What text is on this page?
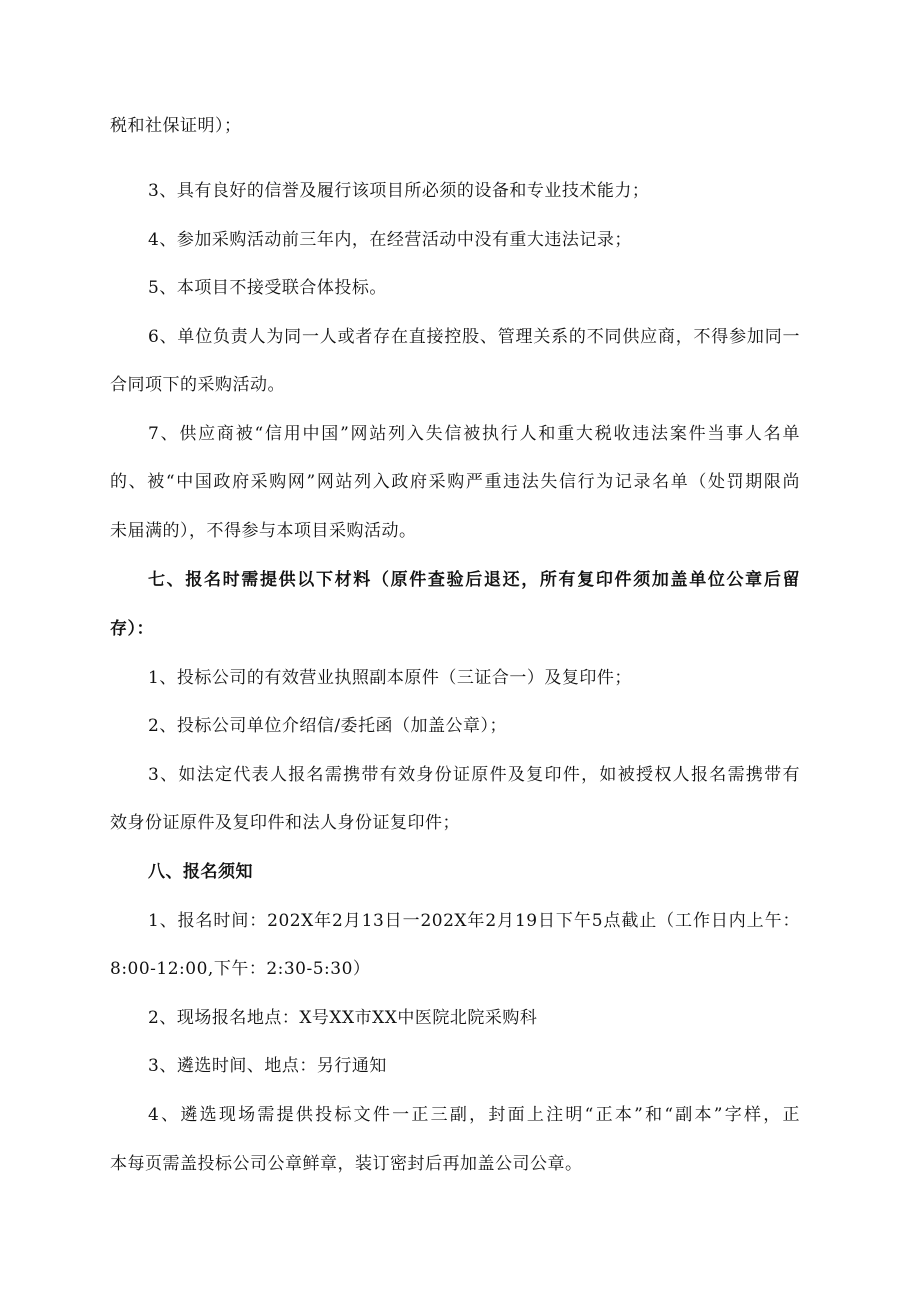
税和社保证明）；
3、具有良好的信誉及履行该项目所必须的设备和专业技术能力；
4、参加采购活动前三年内，在经营活动中没有重大违法记录；
5、本项目不接受联合体投标。
6、单位负责人为同一人或者存在直接控股、管理关系的不同供应商，不得参加同一
合同项下的采购活动。
7、供应商被“信用中国”网站列入失信被执行人和重大税收违法案件当事人名单
的、被“中国政府采购网”网站列入政府采购严重违法失信行为记录名单（处罚期限尚
未届满的），不得参与本项目采购活动。
七、报名时需提供以下材料（原件查验后退还，所有复印件须加盖单位公章后留
存）：
1、投标公司的有效营业执照副本原件（三证合一）及复印件；
2、投标公司单位介绍信/委托函（加盖公章）；
3、如法定代表人报名需携带有效身份证原件及复印件，如被授权人报名需携带有
效身份证原件及复印件和法人身份证复印件；
八、报名须知
1、报名时间：202X年2月13日一202X年2月19日下午5点截止（工作日内上午：
8:00-12:00,下午：2:30-5:30）
2、现场报名地点：X号XX市XX中医院北院采购科
3、遴选时间、地点：另行通知
4、遴选现场需提供投标文件一正三副，封面上注明“正本”和“副本”字样，正
本每页需盖投标公司公章鲜章，装订密封后再加盖公司公章。
